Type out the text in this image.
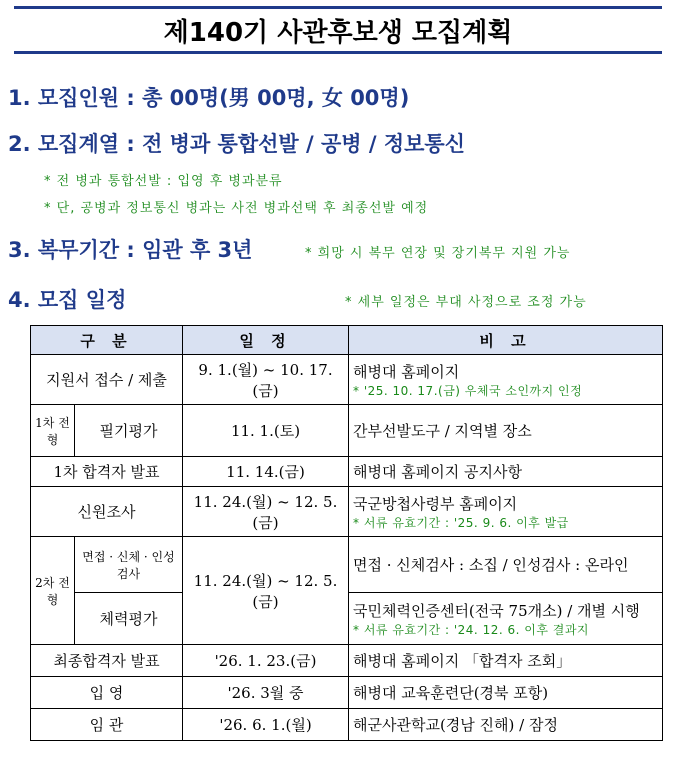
제140기 사관후보생 모집계획
1. 모집인원 : 총 00명(男 00명, 女 00명)
2. 모집계열 : 전 병과 통합선발 / 공병 / 정보통신
* 전 병과 통합선발 : 입영 후 병과분류
* 단, 공병과 정보통신 병과는 사전 병과선택 후 최종선발 예정
3. 복무기간 : 임관 후 3년	* 희망 시 복무 연장 및 장기복무 지원 가능
4. 모집 일정	* 세부 일정은 부대 사정으로 조정 가능
구 분		일 정	비 고
지원서 접수 / 제출		9. 1.(월) ~ 10. 17.(금)	해병대 홈페이지
* '25. 10. 17.(금) 우체국 소인까지 인정

1차 전형	필기평가	11. 1.(토)	간부선발도구 / 지역별 장소
1차 합격자 발표		11. 14.(금)	해병대 홈페이지 공지사항
신원조사		11. 24.(월) ~ 12. 5.(금)	국군방첩사령부 홈페이지
* 서류 유효기간 : '25. 9. 6. 이후 발급

2차 전형	면접 · 신체 · 인성검사	11. 24.(월) ~ 12. 5.(금)	면접 · 신체검사 : 소집 / 인성검사 : 온라인
	체력평가		국민체력인증센터(전국 75개소) / 개별 시행
* 서류 유효기간 : '24. 12. 6. 이후 결과지

최종합격자 발표		'26. 1. 23.(금)	해병대 홈페이지 「합격자 조회」
입 영		'26. 3월 중	해병대 교육훈련단(경북 포항)
임 관		'26. 6. 1.(월)	해군사관학교(경남 진해) / 잠정
